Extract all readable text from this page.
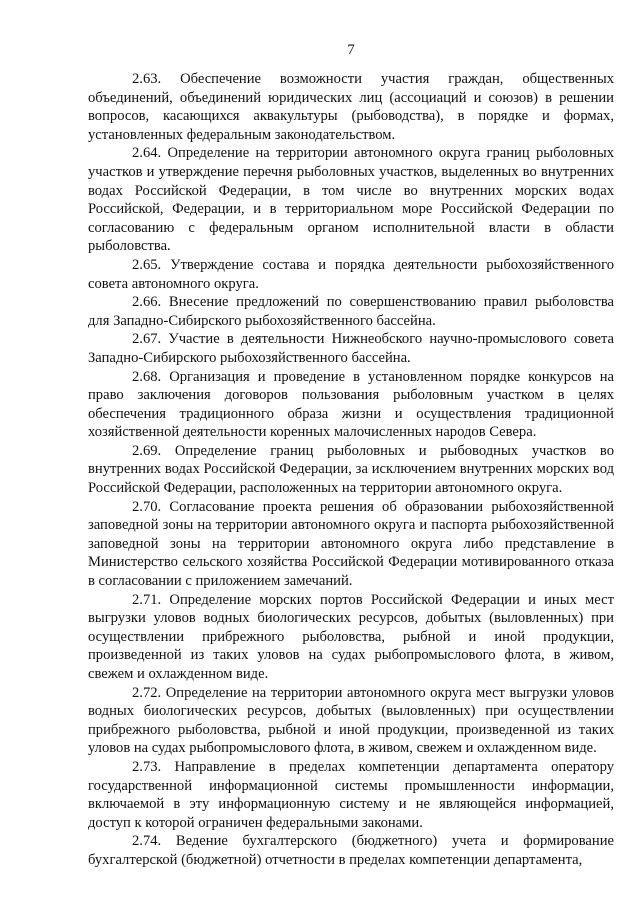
7

2.63. Обеспечение возможности участия граждан, общественных объединений, объединений юридических лиц (ассоциаций и союзов) в решении вопросов, касающихся аквакультуры (рыбоводства), в порядке и формах, установленных федеральным законодательством.

2.64. Определение на территории автономного округа границ рыболовных участков и утверждение перечня рыболовных участков, выделенных во внутренних водах Российской Федерации, в том числе во внутренних морских водах Российской, Федерации, и в территориальном море Российской Федерации по согласованию с федеральным органом исполнительной власти в области рыболовства.

2.65. Утверждение состава и порядка деятельности рыбохозяйственного совета автономного округа.

2.66. Внесение предложений по совершенствованию правил рыболовства для Западно-Сибирского рыбохозяйственного бассейна.

2.67. Участие в деятельности Нижнеобского научно-промыслового совета Западно-Сибирского рыбохозяйственного бассейна.

2.68. Организация и проведение в установленном порядке конкурсов на право заключения договоров пользования рыболовным участком в целях обеспечения традиционного образа жизни и осуществления традиционной хозяйственной деятельности коренных малочисленных народов Севера.

2.69. Определение границ рыболовных и рыбоводных участков во внутренних водах Российской Федерации, за исключением внутренних морских вод Российской Федерации, расположенных на территории автономного округа.

2.70. Согласование проекта решения об образовании рыбохозяйственной заповедной зоны на территории автономного округа и паспорта рыбохозяйственной заповедной зоны на территории автономного округа либо представление в Министерство сельского хозяйства Российской Федерации мотивированного отказа в согласовании с приложением замечаний.

2.71. Определение морских портов Российской Федерации и иных мест выгрузки уловов водных биологических ресурсов, добытых (выловленных) при осуществлении прибрежного рыболовства, рыбной и иной продукции, произведенной из таких уловов на судах рыбопромыслового флота, в живом, свежем и охлажденном виде.

2.72. Определение на территории автономного округа мест выгрузки уловов водных биологических ресурсов, добытых (выловленных) при осуществлении прибрежного рыболовства, рыбной и иной продукции, произведенной из таких уловов на судах рыбопромыслового флота, в живом, свежем и охлажденном виде.

2.73. Направление в пределах компетенции департамента оператору государственной информационной системы промышленности информации, включаемой в эту информационную систему и не являющейся информацией, доступ к которой ограничен федеральными законами.

2.74. Ведение бухгалтерского (бюджетного) учета и формирование бухгалтерской (бюджетной) отчетности в пределах компетенции департамента,
